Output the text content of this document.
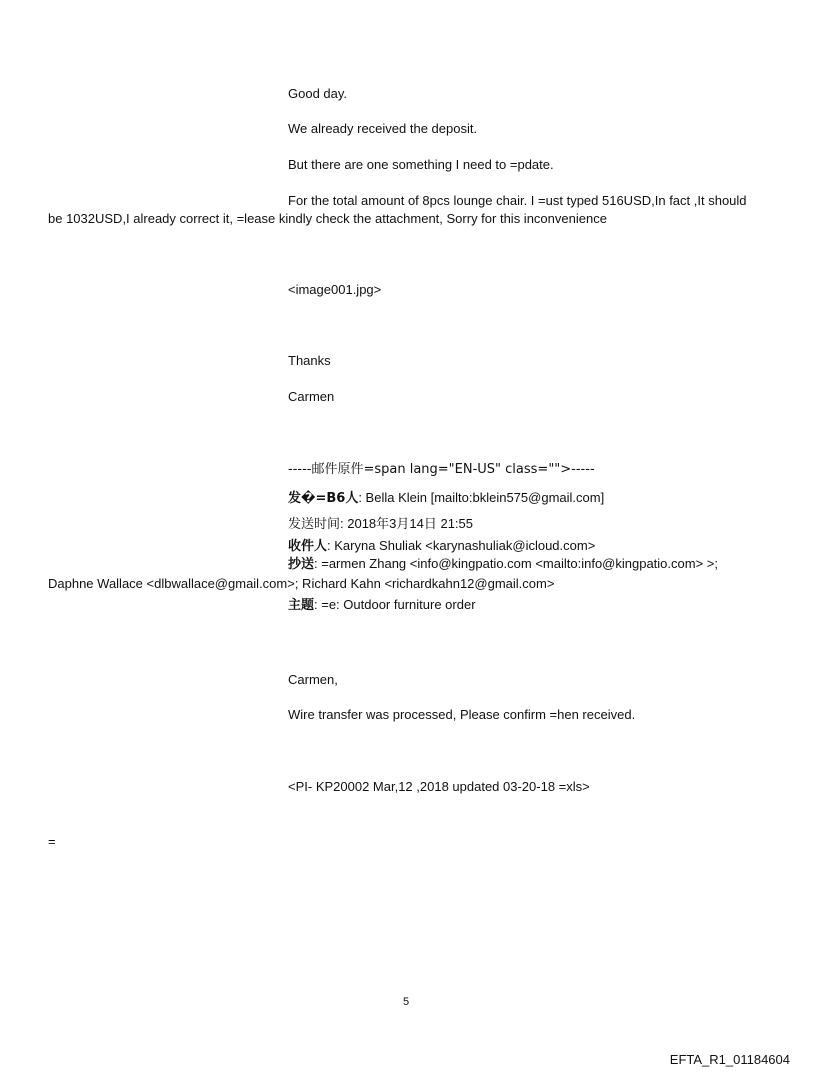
Good day.
We already received the deposit.
But there are one something I need to =pdate.
For the total amount of 8pcs lounge chair. I =ust typed 516USD,In fact ,It should
be 1032USD,I already correct it, =lease kindly check the attachment, Sorry for this inconvenience
<image001.jpg>
Thanks
Carmen
-----邮件原件=span lang="EN-US" class="">-----
发�=B6人: Bella Klein [mailto:bklein575@gmail.com]
发送时间: 2018年3月14日 21:55
收件人: Karyna Shuliak <karynashuliak@icloud.com>
抄送: =armen Zhang <info@kingpatio.com <mailto:info@kingpatio.com> >;
Daphne Wallace <dlbwallace@gmail.com>; Richard Kahn <richardkahn12@gmail.com>
主题: =e: Outdoor furniture order
Carmen,
Wire transfer was processed, Please confirm =hen received.
<PI- KP20002 Mar,12 ,2018 updated 03-20-18 =xls>
=
5
EFTA_R1_01184604
